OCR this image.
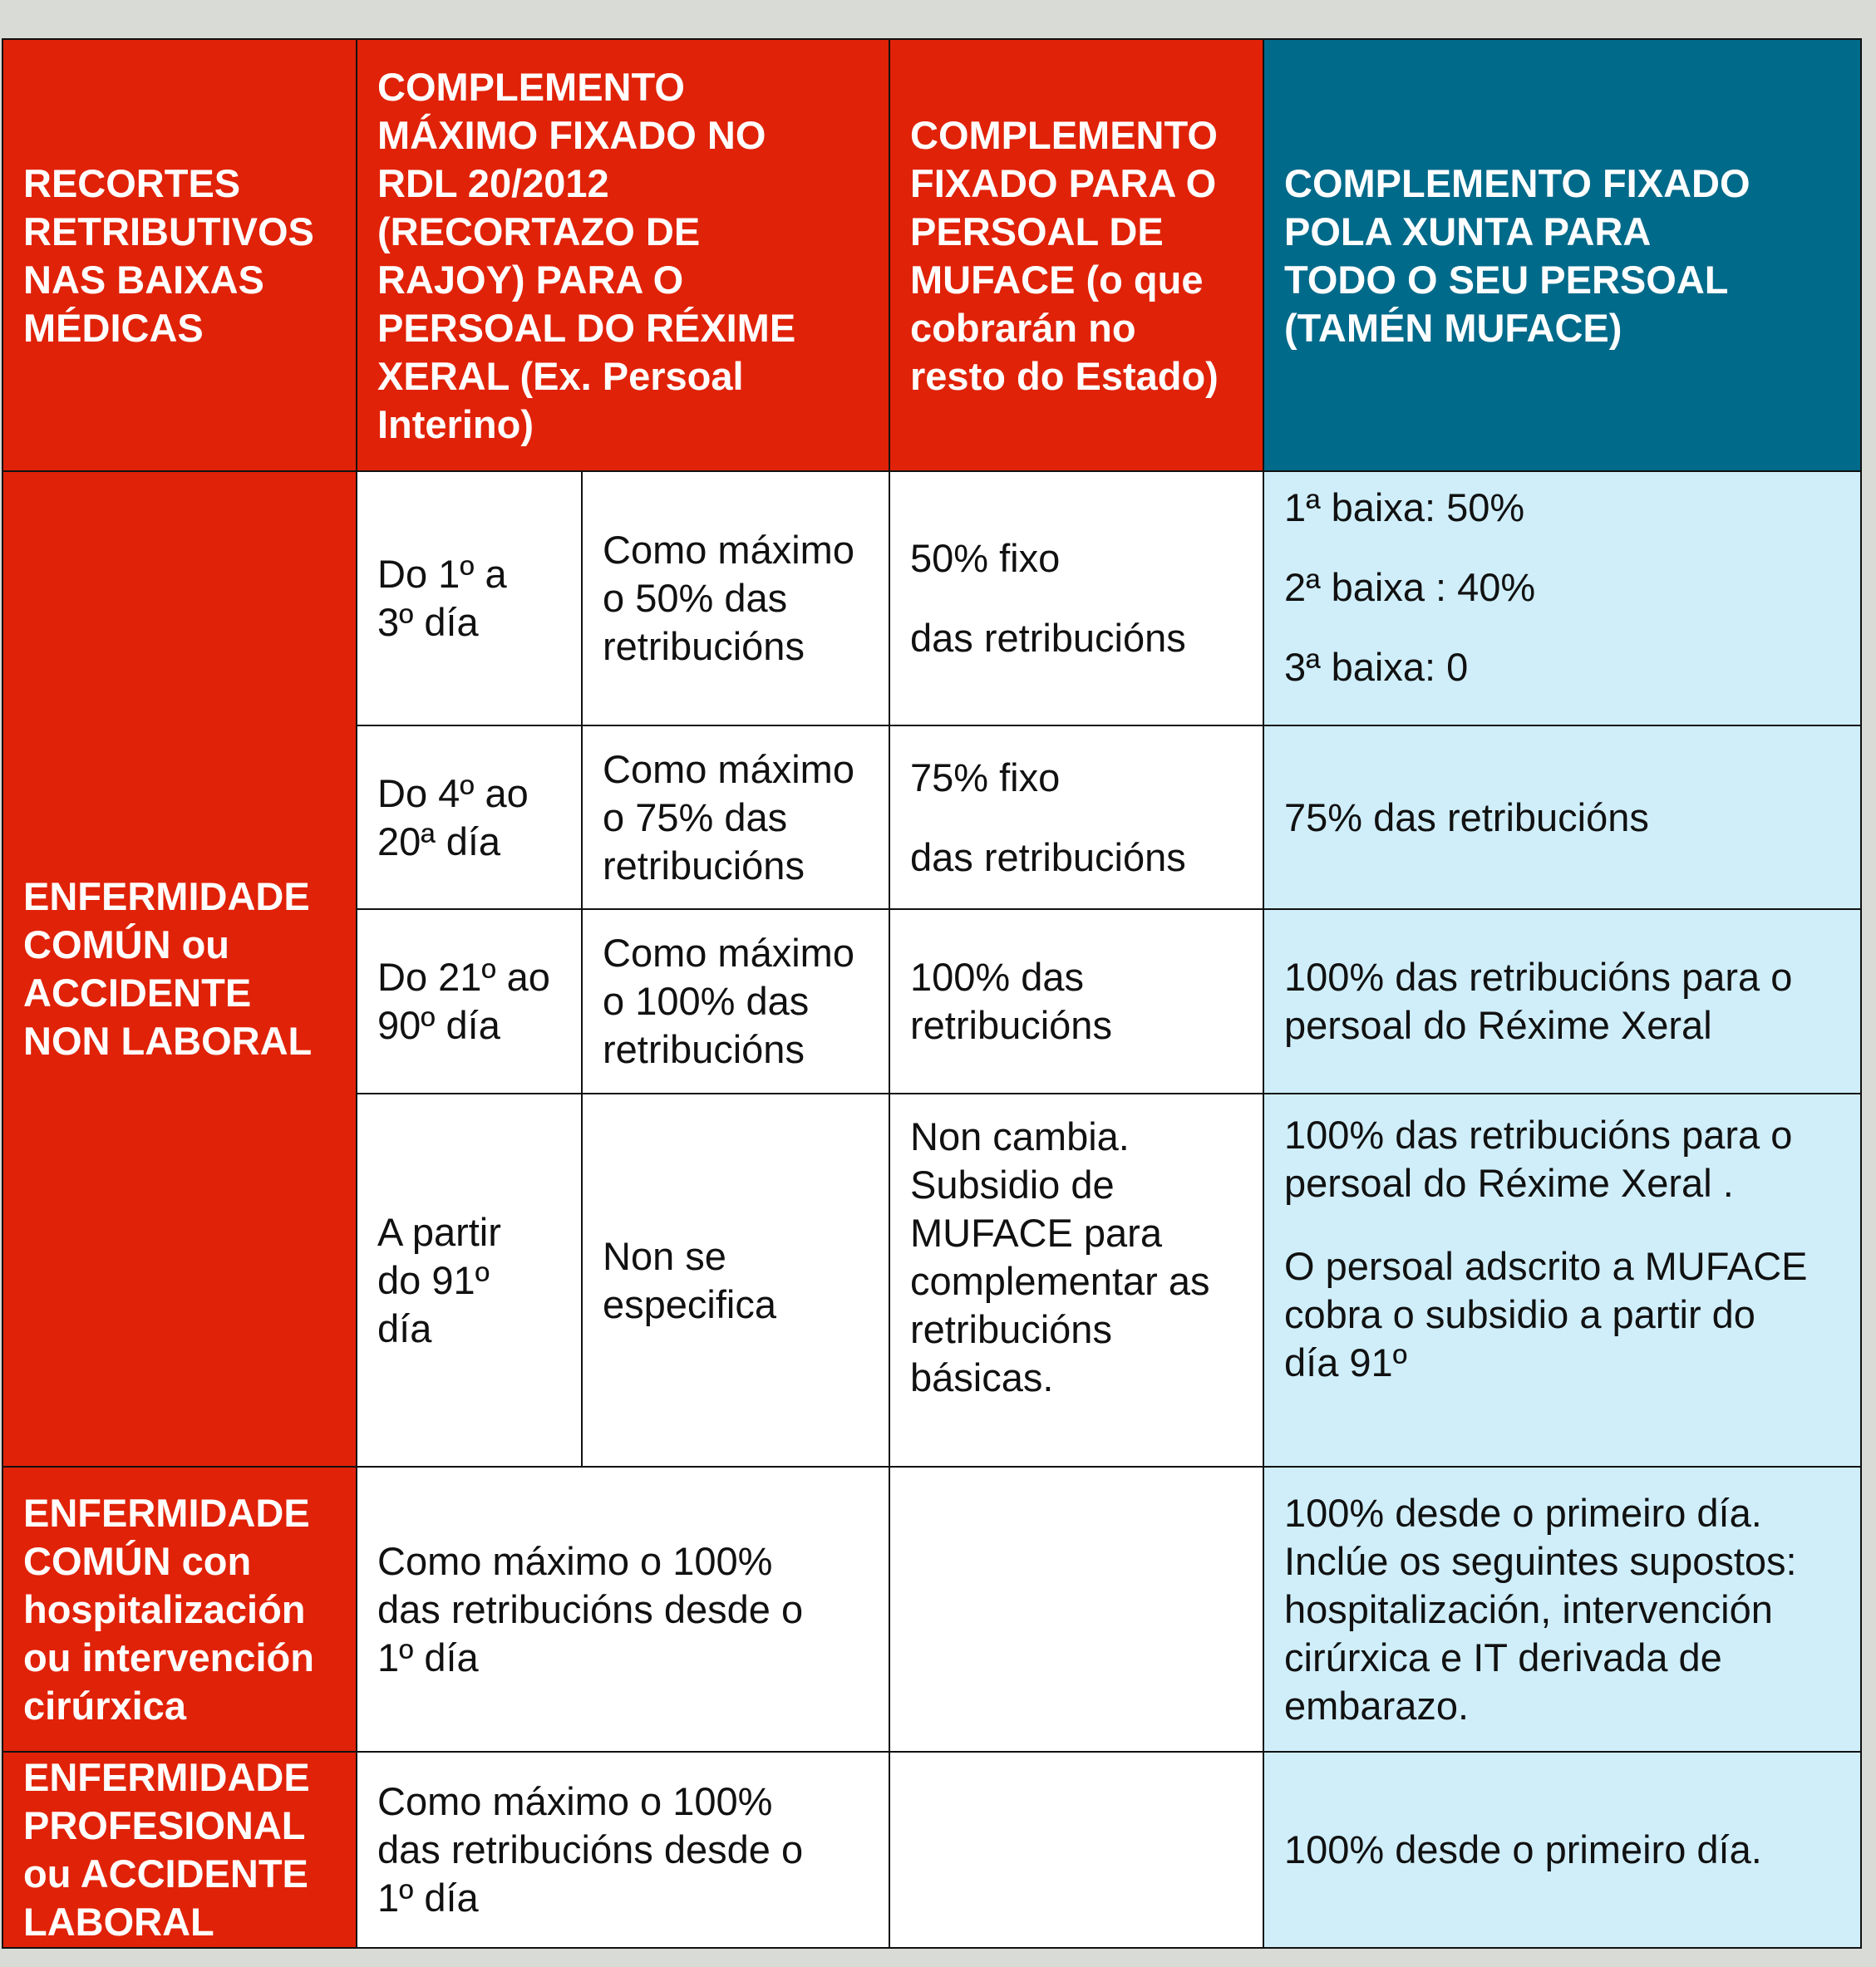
RECORTES
RETRIBUTIVOS
NAS BAIXAS
MÉDICAS
COMPLEMENTO
MÁXIMO FIXADO NO
RDL 20/2012
(RECORTAZO DE
RAJOY) PARA O
PERSOAL DO RÉXIME
XERAL (Ex. Persoal
Interino)
COMPLEMENTO
FIXADO PARA O
PERSOAL DE
MUFACE (o que
cobrarán no
resto do Estado)
COMPLEMENTO FIXADO
POLA XUNTA PARA
TODO O SEU PERSOAL
(TAMÉN MUFACE)
ENFERMIDADE
COMÚN ou
ACCIDENTE
NON LABORAL
Do 1º a
3º día
Como máximo
o 50% das
retribucións
50% fixo
das retribucións
1ª baixa: 50%
2ª baixa : 40%
3ª baixa: 0
Do 4º ao
20ª día
Como máximo
o 75% das
retribucións
75% fixo
das retribucións
75% das retribucións
Do 21º ao
90º día
Como máximo
o 100% das
retribucións
100% das
retribucións
100% das retribucións para o
persoal do Réxime Xeral
A partir
do 91º
día
Non se
especifica
Non cambia.
Subsidio de
MUFACE para
complementar as
retribucións
básicas.
100% das retribucións para o
persoal do Réxime Xeral .
O persoal adscrito a MUFACE
cobra o subsidio a partir do
día 91º
ENFERMIDADE
COMÚN con
hospitalización
ou intervención
cirúrxica
Como máximo o 100%
das retribucións desde o
1º día
100% desde o primeiro día.
Inclúe os seguintes supostos:
hospitalización, intervención
cirúrxica e IT derivada de
embarazo.
ENFERMIDADE
PROFESIONAL
ou ACCIDENTE
LABORAL
Como máximo o 100%
das retribucións desde o
1º día
100% desde o primeiro día.
